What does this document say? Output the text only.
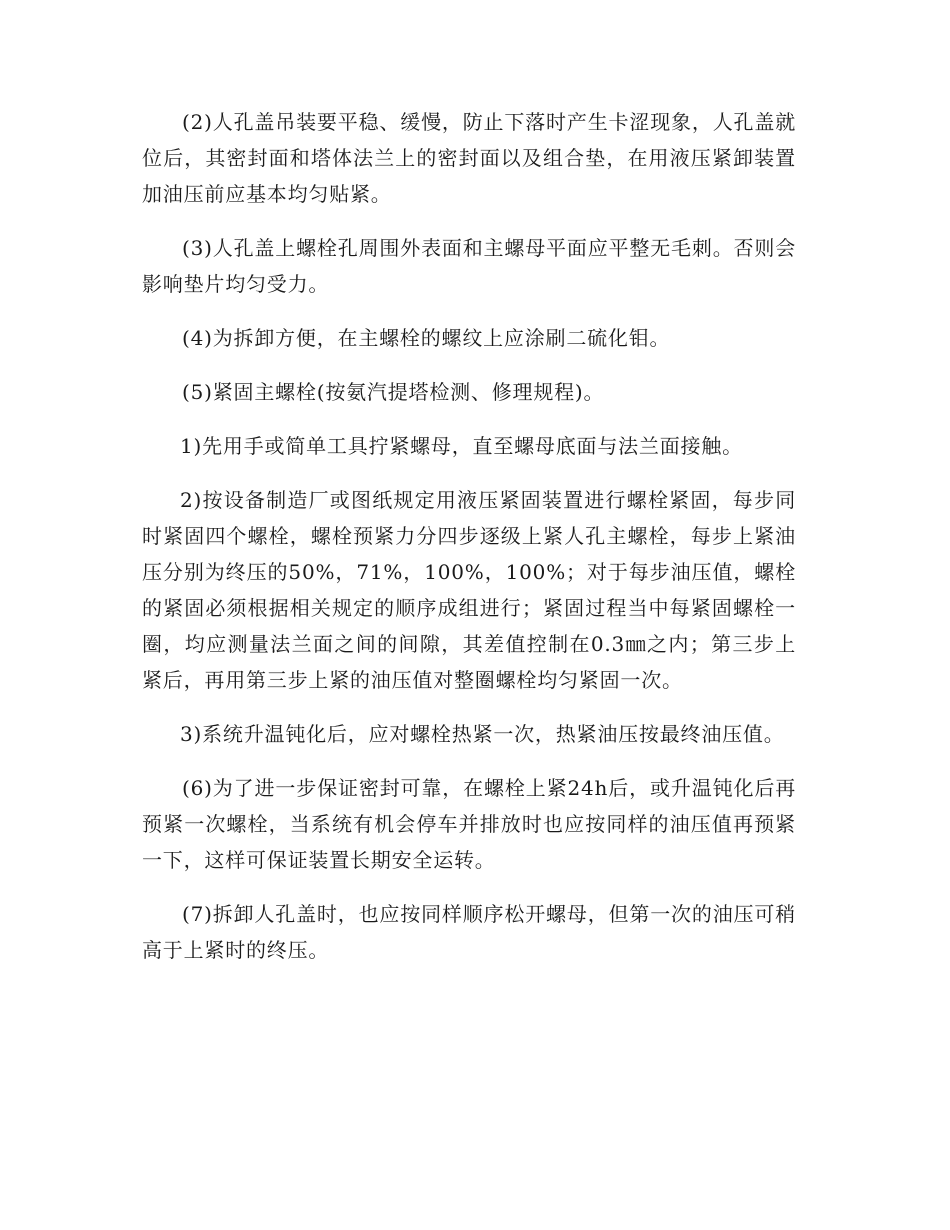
(2)人孔盖吊装要平稳、缓慢，防止下落时产生卡涩现象，人孔盖就位后，其密封面和塔体法兰上的密封面以及组合垫，在用液压紧卸装置加油压前应基本均匀贴紧。

(3)人孔盖上螺栓孔周围外表面和主螺母平面应平整无毛刺。否则会影响垫片均匀受力。

(4)为拆卸方便，在主螺栓的螺纹上应涂刷二硫化钼。

(5)紧固主螺栓(按氨汽提塔检测、修理规程)。

1)先用手或简单工具拧紧螺母，直至螺母底面与法兰面接触。

2)按设备制造厂或图纸规定用液压紧固装置进行螺栓紧固，每步同时紧固四个螺栓，螺栓预紧力分四步逐级上紧人孔主螺栓，每步上紧油压分别为终压的50%，71%，100%，100%；对于每步油压值，螺栓的紧固必须根据相关规定的顺序成组进行；紧固过程当中每紧固螺栓一圈，均应测量法兰面之间的间隙，其差值控制在0.3㎜之内；第三步上紧后，再用第三步上紧的油压值对整圈螺栓均匀紧固一次。

3)系统升温钝化后，应对螺栓热紧一次，热紧油压按最终油压值。

(6)为了进一步保证密封可靠，在螺栓上紧24h后，或升温钝化后再预紧一次螺栓，当系统有机会停车并排放时也应按同样的油压值再预紧一下，这样可保证装置长期安全运转。

(7)拆卸人孔盖时，也应按同样顺序松开螺母，但第一次的油压可稍高于上紧时的终压。
